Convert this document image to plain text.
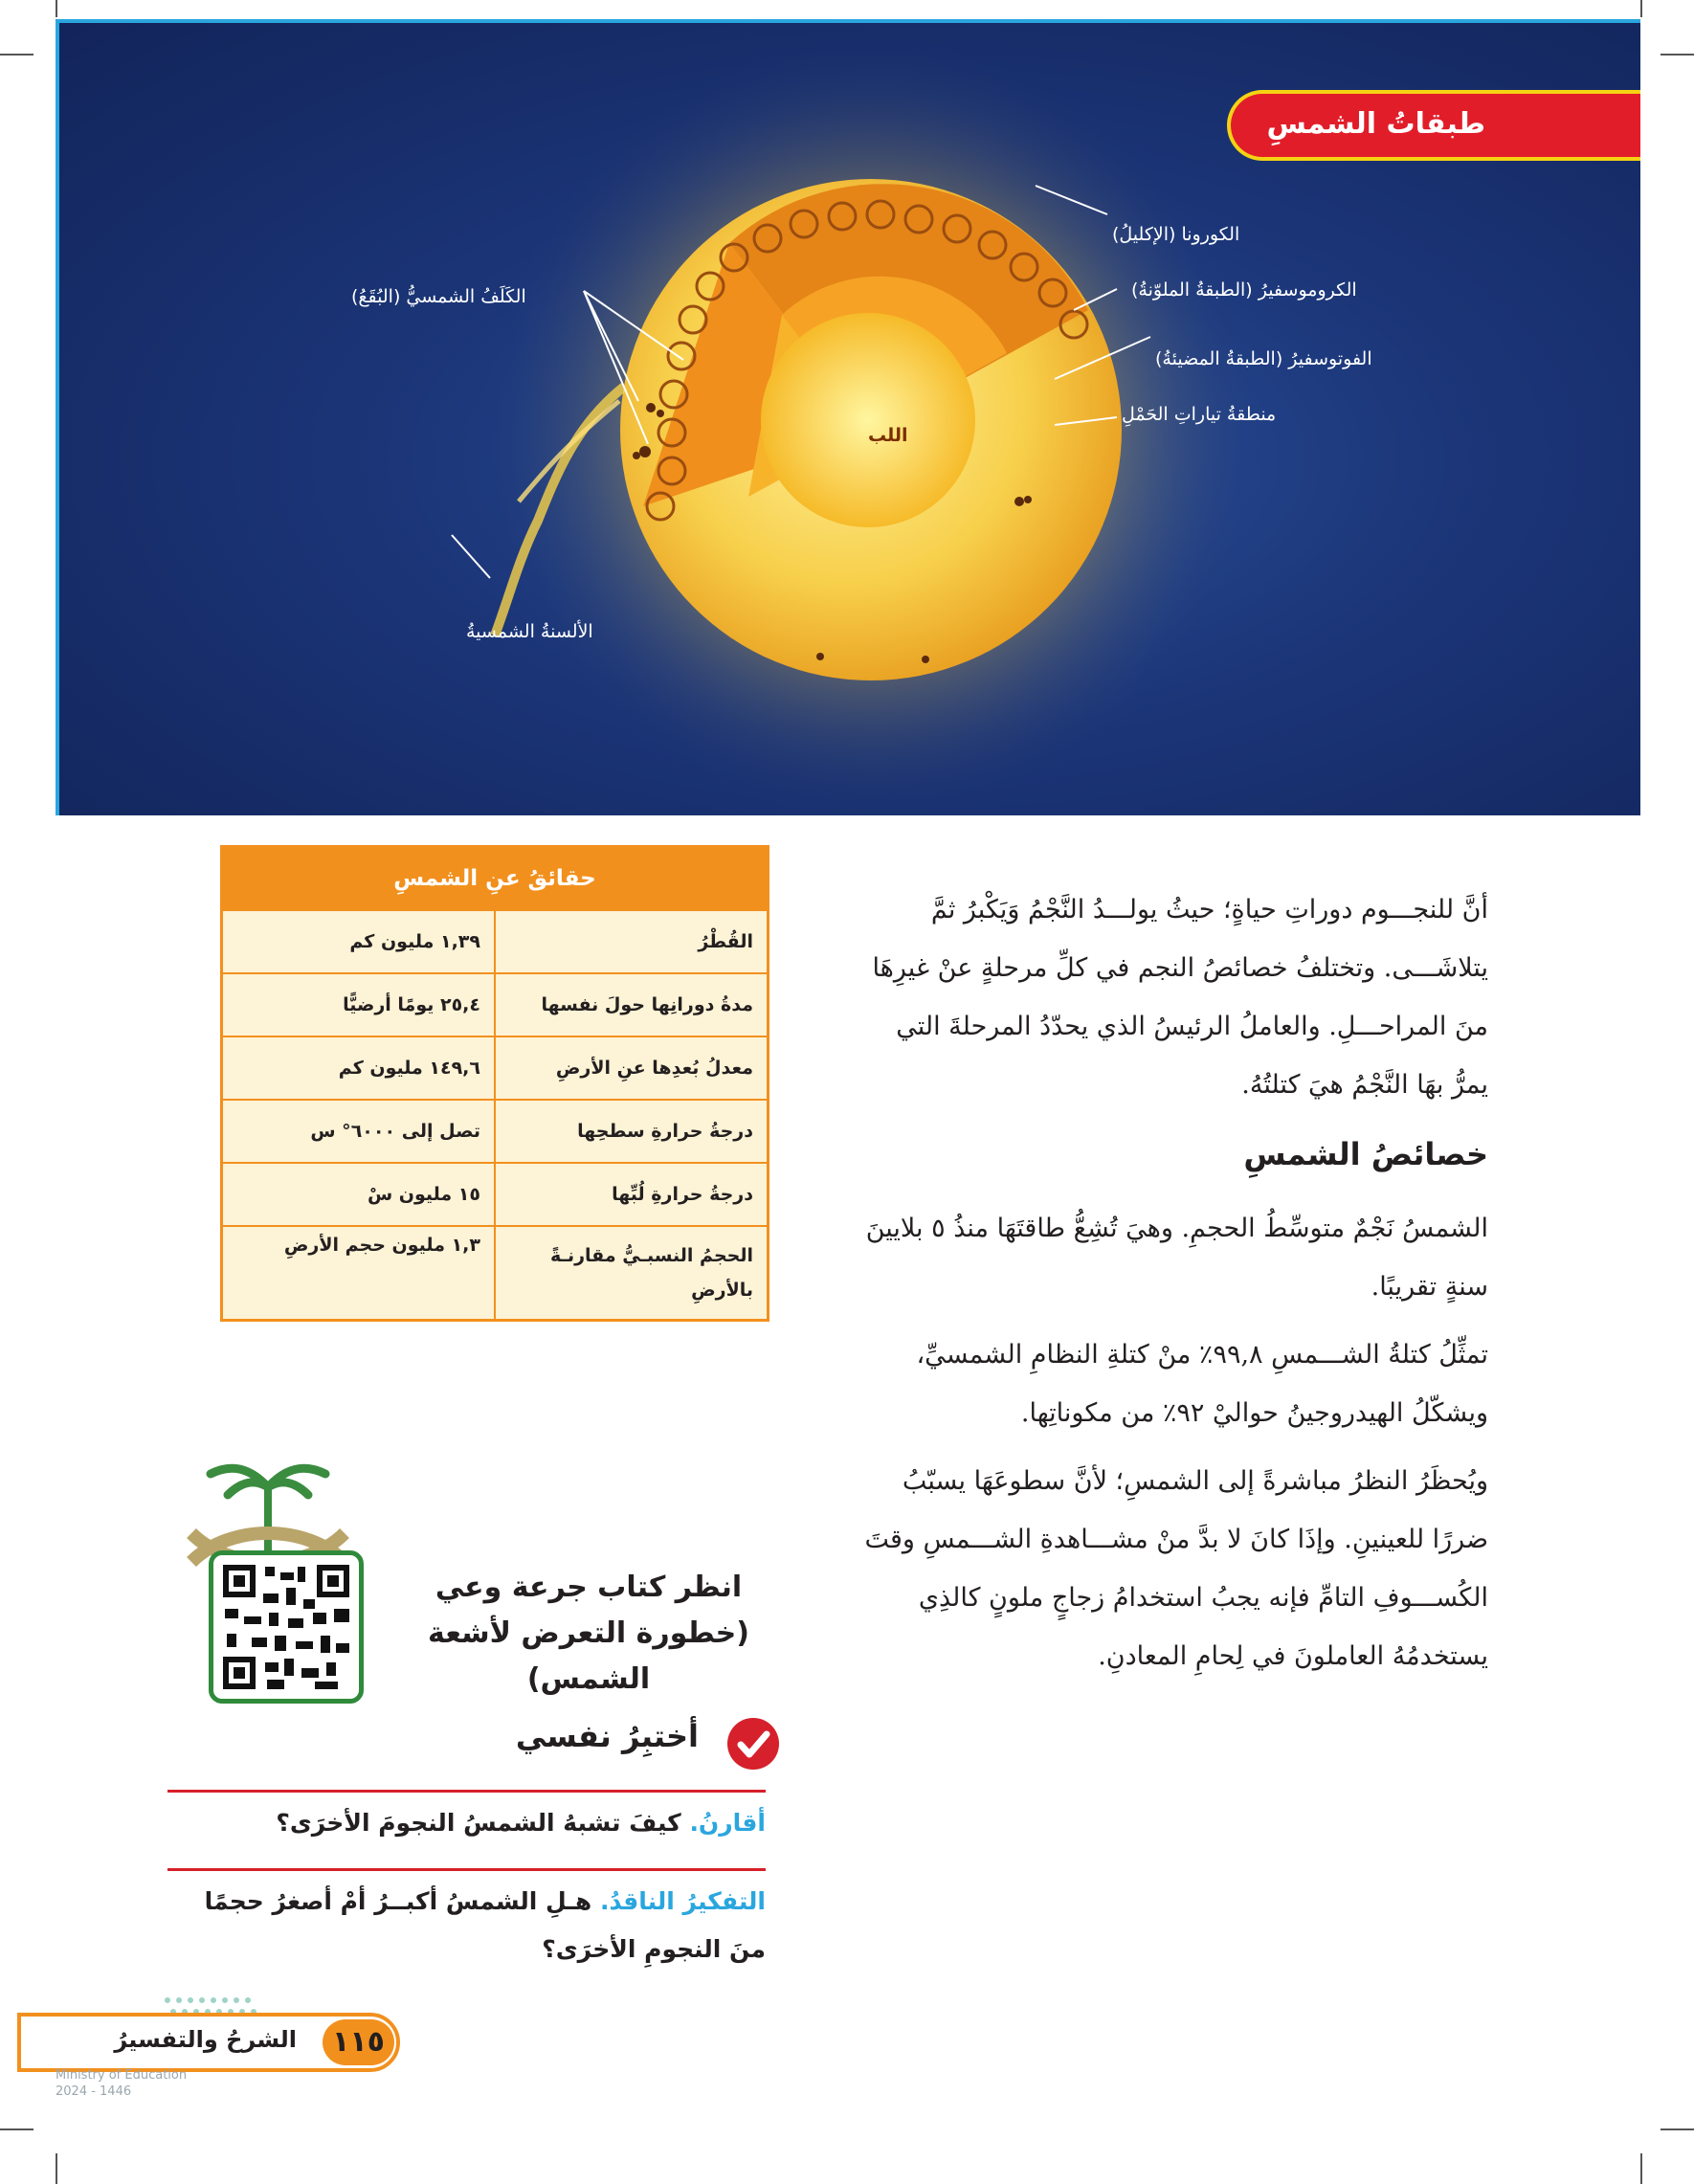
طبقاتُ الشمسِ
الكورونا (الإكليلُ)
الكروموسفيرُ (الطبقةُ الملوّنةُ)
الفوتوسفيرُ (الطبقةُ المضيئةُ)
منطقةُ تياراتِ الحَمْلِ
اللب
الكَلَفُ الشمسيُّ (البُقَعُ)
الألسنةُ الشمسيةُ
حقائقُ عنِ الشمسِ	
١,٣٩ مليون كم	القُطْرُ
٢٥,٤ يومًا أرضيًّا	مدةُ دورانِها حولَ نفسها
١٤٩,٦ مليون كم	معدلُ بُعدِها عنِ الأرضِ
تصل إلى ٦٠٠٠° س	درجةُ حرارةِ سطحِها
١٥ مليون سْ	درجةُ حرارةِ لُبِّها
١,٣ مليون حجم الأرضِ	الحجمُ النسبـيُّ مقارنـةً بالأرضِ

أنَّ للنجـــوم دوراتِ حياةٍ؛ حيثُ يولـــدُ النَّجْمُ وَيَكْبرُ ثمَّ يتلاشَـــى. وتختلفُ خصائصُ النجم في كلِّ مرحلةٍ عنْ غيرِهَا منَ المراحـــلِ. والعاملُ الرئيسُ الذي يحدّدُ المرحلةَ التي يمرُّ بهَا النَّجْمُ هيَ كتلتُهُ.

خصائصُ الشمسِ

الشمسُ نَجْمٌ متوسِّطُ الحجمِ. وهيَ تُشِعُّ طاقتَهَا منذُ ٥ بلايينَ سنةٍ تقريبًا.

تمثِّلُ كتلةُ الشـــمسِ ٩٩,٨٪ منْ كتلةِ النظامِ الشمسيِّ، ويشكّلُ الهيدروجينُ حواليْ ٩٢٪ من مكوناتِها.

ويُحظَرُ النظرُ مباشرةً إلى الشمسِ؛ لأنَّ سطوعَهَا يسبّبُ ضررًا للعينينِ. وإذَا كانَ لا بدَّ منْ مشـــاهدةِ الشـــمسِ وقتَ الكُســـوفِ التامِّ فإنه يجبُ استخدامُ زجاجٍ ملونٍ كالذِي يستخدمُهُ العاملونَ في لِحامِ المعادنِ.

انظر كتاب جرعة وعي
(خطورة التعرض لأشعة الشمس)
أختبِرُ نفسي
أقارنُ. كيفَ تشبهُ الشمسُ النجومَ الأخرَى؟
التفكيرُ الناقدُ. هـلِ الشمسُ أكبــرُ أمْ أصغرُ حجمًا منَ النجومِ الأخرَى؟
١١٥
الشرحُ والتفسيرُ
Ministry of Education
2024 - 1446
